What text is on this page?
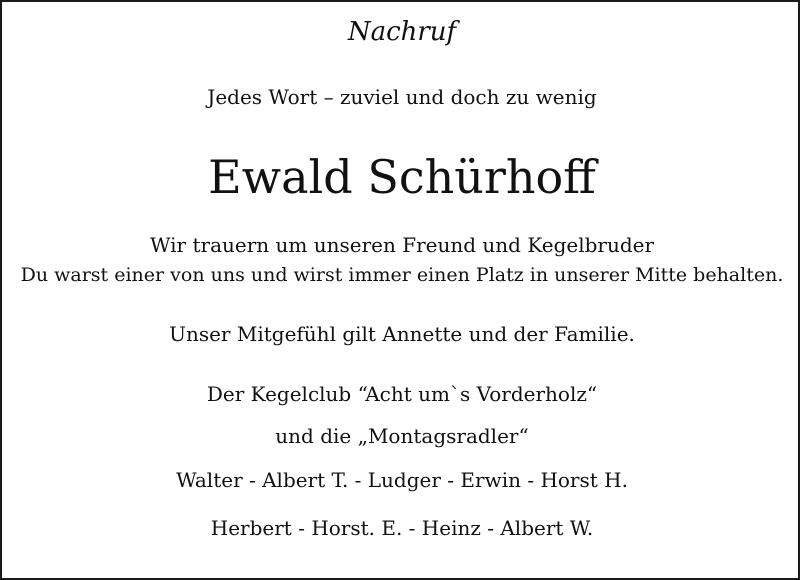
Nachruf
Jedes Wort – zuviel und doch zu wenig
Ewald Schürhoff
Wir trauern um unseren Freund und Kegelbruder
Du warst einer von uns und wirst immer einen Platz in unserer Mitte behalten.
Unser Mitgefühl gilt Annette und der Familie.
Der Kegelclub “Acht um`s Vorderholz“
und die „Montagsradler“
Walter - Albert T. - Ludger - Erwin - Horst H.
Herbert - Horst. E. - Heinz - Albert W.
